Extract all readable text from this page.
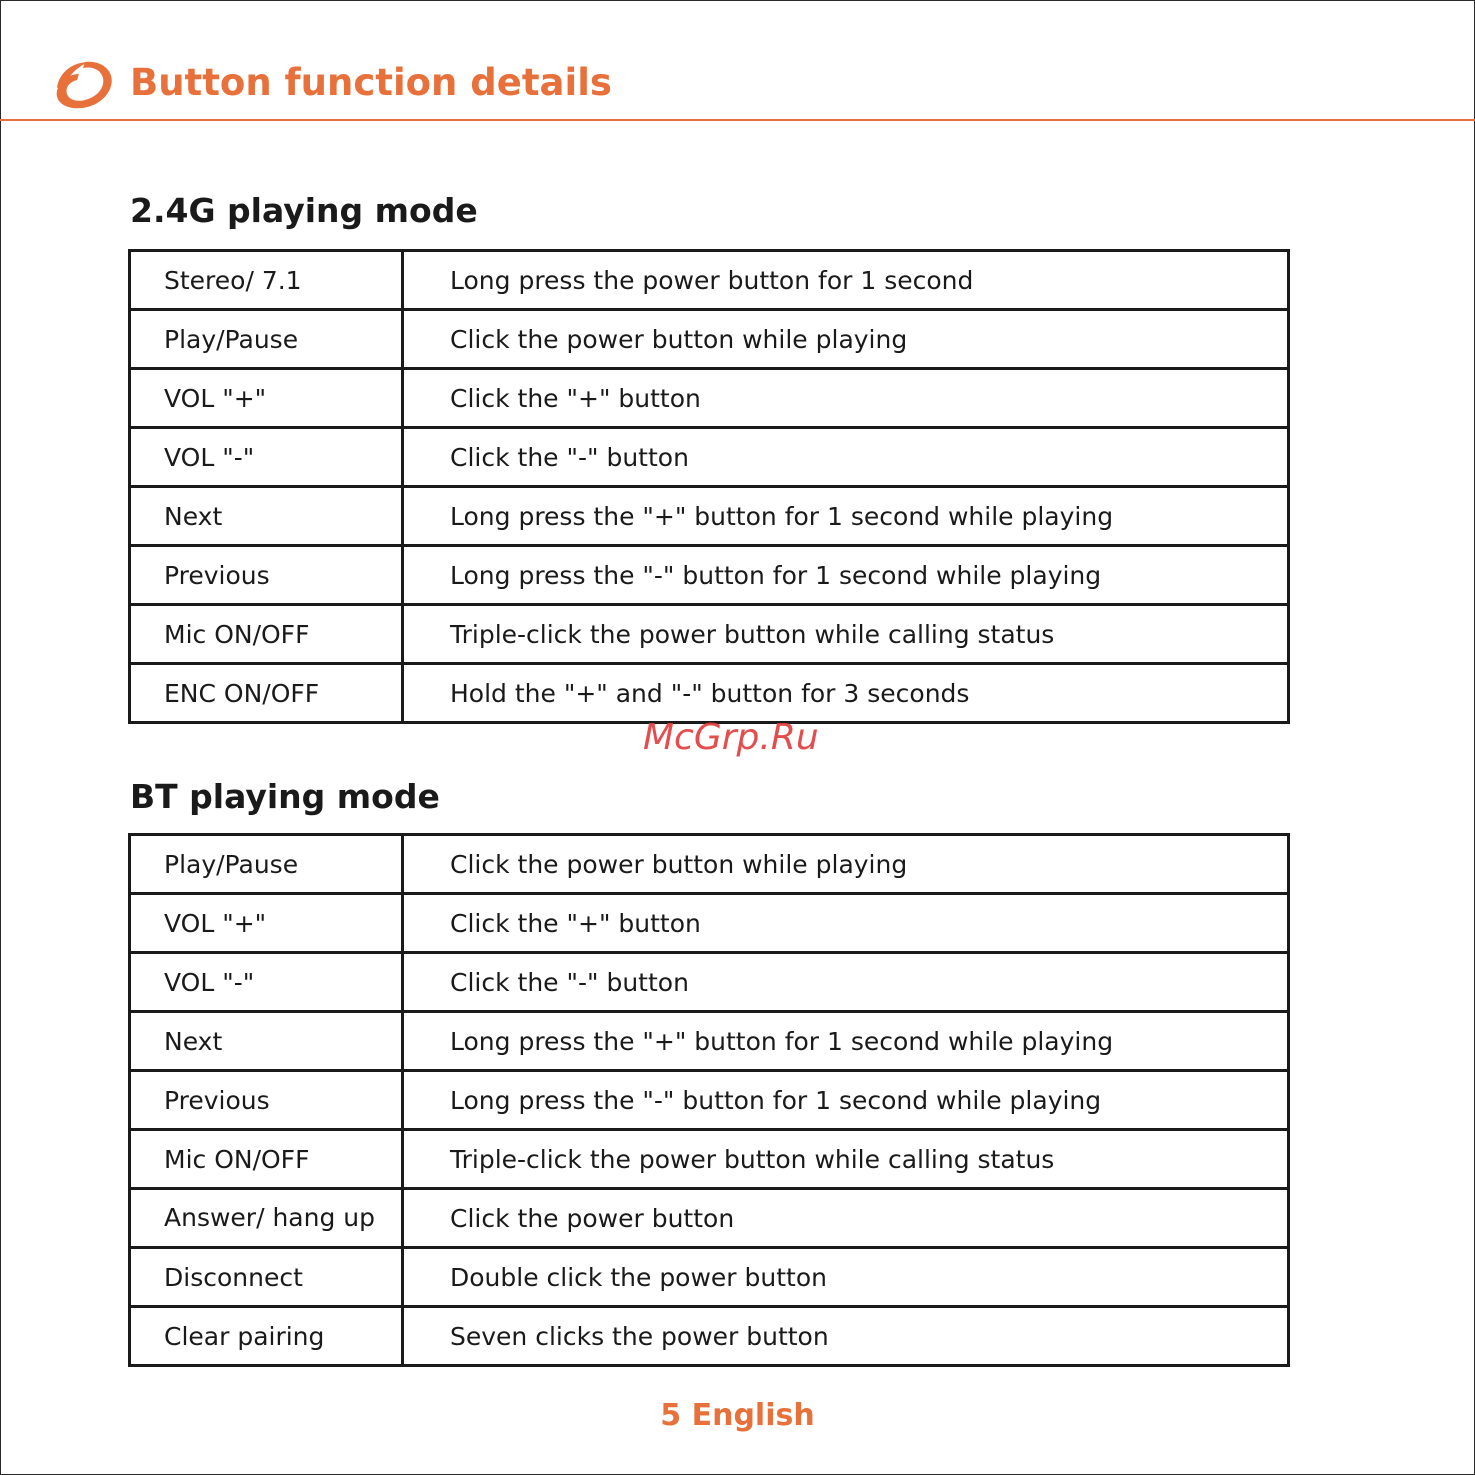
Button function details
2.4G playing mode
Stereo/ 7.1	Long press the power button for 1 second
Play/Pause	Click the power button while playing
VOL "+"	Click the "+" button
VOL "-"	Click the "-" button
Next	Long press the "+" button for 1 second while playing
Previous	Long press the "-" button for 1 second while playing
Mic ON/OFF	Triple-click the power button while calling status
ENC ON/OFF	Hold the "+" and "-" button for 3 seconds
BT playing mode
Play/Pause	Click the power button while playing
VOL "+"	Click the "+" button
VOL "-"	Click the "-" button
Next	Long press the "+" button for 1 second while playing
Previous	Long press the "-" button for 1 second while playing
Mic ON/OFF	Triple-click the power button while calling status
Answer/ hang up	Click the power button
Disconnect	Double click the power button
Clear pairing	Seven clicks the power button
McGrp.Ru
5 English
